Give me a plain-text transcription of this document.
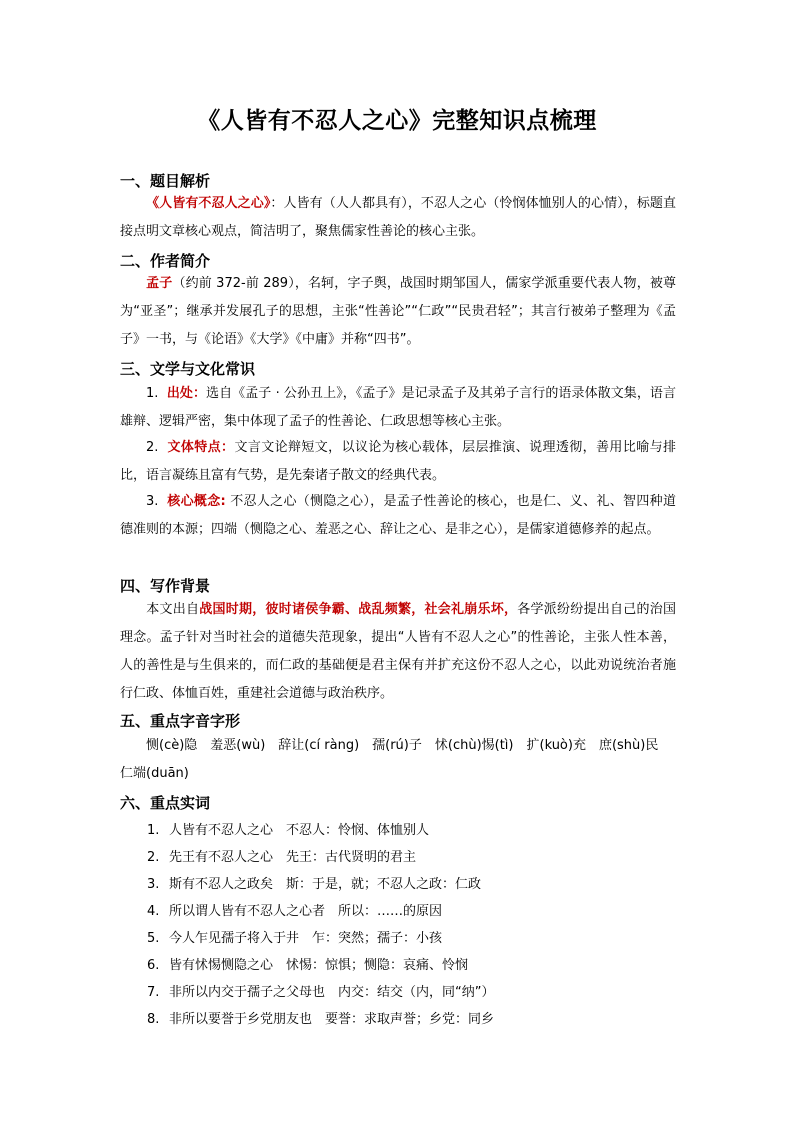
《人皆有不忍人之心》完整知识点梳理
一、题目解析
《人皆有不忍人之心》：人皆有（人人都具有），不忍人之心（怜悯体恤别人的心情），标题直接点明文章核心观点，简洁明了，聚焦儒家性善论的核心主张。
二、作者简介
孟子（约前 372-前 289），名轲，字子舆，战国时期邹国人，儒家学派重要代表人物，被尊为“亚圣”；继承并发展孔子的思想，主张“性善论”“仁政”“民贵君轻”；其言行被弟子整理为《孟子》一书，与《论语》《大学》《中庸》并称“四书”。
三、文学与文化常识
1. 出处：选自《孟子 · 公孙丑上》，《孟子》是记录孟子及其弟子言行的语录体散文集，语言雄辩、逻辑严密，集中体现了孟子的性善论、仁政思想等核心主张。
2. 文体特点：文言文论辩短文，以议论为核心载体，层层推演、说理透彻，善用比喻与排比，语言凝练且富有气势，是先秦诸子散文的经典代表。
3. 核心概念: 不忍人之心（恻隐之心），是孟子性善论的核心，也是仁、义、礼、智四种道德准则的本源；四端（恻隐之心、羞恶之心、辞让之心、是非之心），是儒家道德修养的起点。
四、写作背景
本文出自战国时期，彼时诸侯争霸、战乱频繁，社会礼崩乐坏，各学派纷纷提出自己的治国理念。孟子针对当时社会的道德失范现象，提出“人皆有不忍人之心”的性善论，主张人性本善，人的善性是与生俱来的，而仁政的基础便是君主保有并扩充这份不忍人之心，以此劝说统治者施行仁政、体恤百姓，重建社会道德与政治秩序。
五、重点字音字形
恻(cè)隐　羞恶(wù)　辞让(cí ràng)　孺(rú)子　怵(chù)惕(tì)　扩(kuò)充　庶(shù)民　仁端(duān)
六、重点实词
1. 人皆有不忍人之心　不忍人：怜悯、体恤别人
2. 先王有不忍人之心　先王：古代贤明的君主
3. 斯有不忍人之政矣　斯：于是，就；不忍人之政：仁政
4. 所以谓人皆有不忍人之心者　所以：……的原因
5. 今人乍见孺子将入于井　乍：突然；孺子：小孩
6. 皆有怵惕恻隐之心　怵惕：惊惧；恻隐：哀痛、怜悯
7. 非所以内交于孺子之父母也　内交：结交（内，同“纳”）
8. 非所以要誉于乡党朋友也　要誉：求取声誉；乡党：同乡
